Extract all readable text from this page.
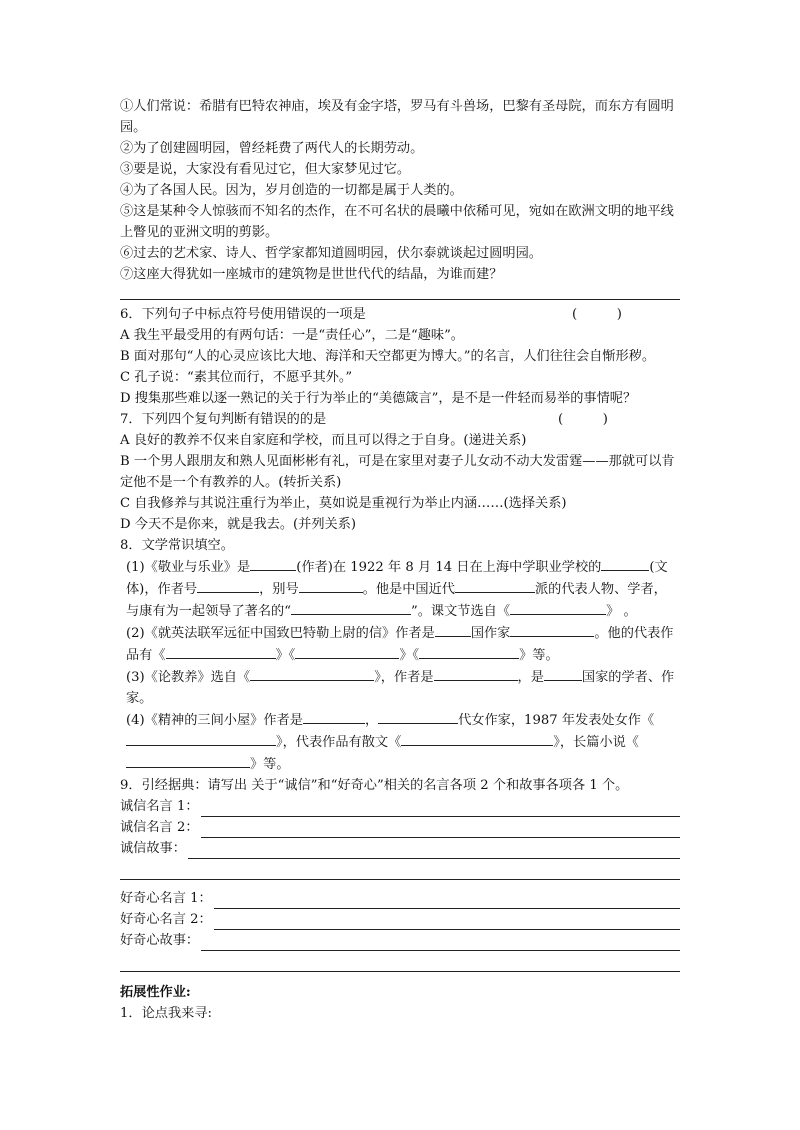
①人们常说：希腊有巴特农神庙，埃及有金字塔，罗马有斗兽场，巴黎有圣母院，而东方有圆明园。

②为了创建圆明园，曾经耗费了两代人的长期劳动。

③要是说，大家没有看见过它，但大家梦见过它。

④为了各国人民。因为，岁月创造的一切都是属于人类的。

⑤这是某种令人惊骇而不知名的杰作，在不可名状的晨曦中依稀可见，宛如在欧洲文明的地平线上瞥见的亚洲文明的剪影。

⑥过去的艺术家、诗人、哲学家都知道圆明园，伏尔泰就谈起过圆明园。

⑦这座大得犹如一座城市的建筑物是世世代代的结晶，为谁而建？

6．下列句子中标点符号使用错误的一项是	(　　　)

A 我生平最受用的有两句话：一是“责任心”，二是“趣味”。

B 面对那句“人的心灵应该比大地、海洋和天空都更为博大。”的名言，人们往往会自惭形秽。

C 孔子说：“素其位而行，不愿乎其外。”

D 搜集那些难以逐一熟记的关于行为举止的“美德箴言”，是不是一件轻而易举的事情呢？

7．下列四个复句判断有错误的的是	(　　　)

A 良好的教养不仅来自家庭和学校，而且可以得之于自身。(递进关系)

B 一个男人跟朋友和熟人见面彬彬有礼，可是在家里对妻子儿女动不动大发雷霆——那就可以肯定他不是一个有教养的人。(转折关系)

C 自我修养与其说注重行为举止，莫如说是重视行为举止内涵……(选择关系)

D 今天不是你来，就是我去。(并列关系)

8．文学常识填空。

(1)《敬业与乐业》是	(作者)在 1922 年 8 月 14 日在上海中学职业学校的	(文体)，作者号	，别号	。他是中国近代	派的代表人物、学者，与康有为一起领导了著名的“	”。课文节选自《	》 。

(2)《就英法联军远征中国致巴特勒上尉的信》作者是	国作家	。他的代表作品有《	》《	》《	》等。

(3)《论教养》选自《	》，作者是	，是	国家的学者、作家。

(4)《精神的三间小屋》作者是	，	代女作家，1987 年发表处女作《》，代表作品有散文《	》，长篇小说《》等。

9．引经据典：请写出 关于“诚信”和“好奇心”相关的名言各项 2 个和故事各项各 1 个。

诚信名言 1：
诚信名言 2：
诚信故事：
好奇心名言 1：
好奇心名言 2：
好奇心故事：

拓展性作业:

1．论点我来寻:
